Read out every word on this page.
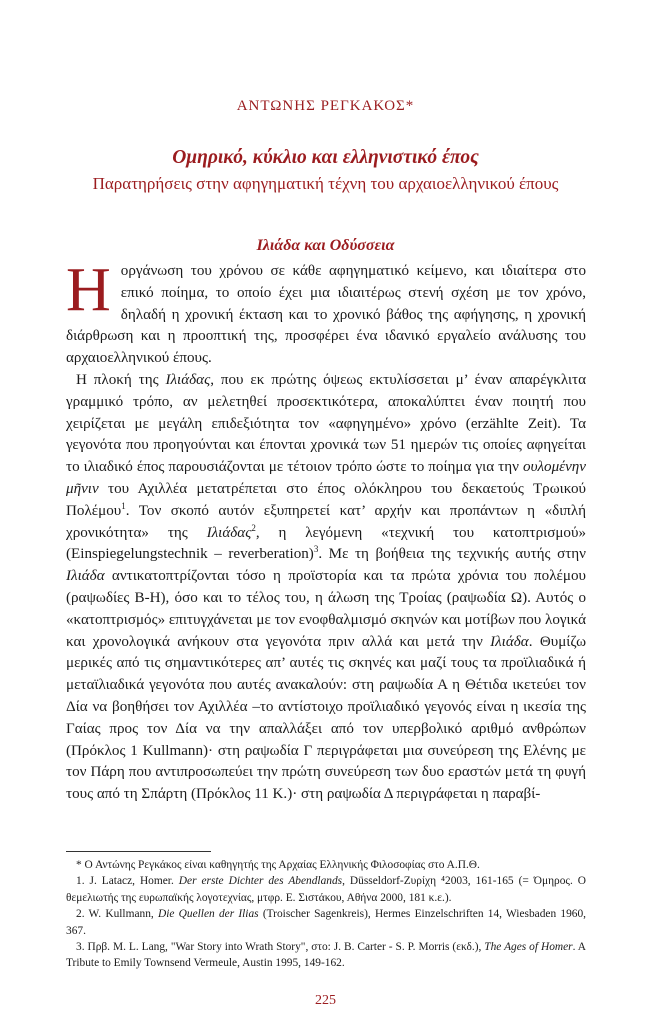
ΑΝΤΩΝΗΣ ΡΕΓΚΑΚΟΣ*
Ομηρικό, κύκλιο και ελληνιστικό έπος
Παρατηρήσεις στην αφηγηματική τέχνη του αρχαιοελληνικού έπους
Ιλιάδα και Οδύσσεια

Ηοργάνωση του χρόνου σε κάθε αφηγηματικό κείμενο, και ιδιαίτερα στο επικό ποίημα, το οποίο έχει μια ιδιαιτέρως στενή σχέση με τον χρόνο, δηλαδή η χρονική έκταση και το χρονικό βάθος της αφήγησης, η χρονική διάρθρωση και η προοπτική της, προσφέρει ένα ιδανικό εργαλείο ανάλυσης του αρχαιοελληνικού έπους.

Η πλοκή της Ιλιάδας, που εκ πρώτης όψεως εκτυλίσσεται μ’ έναν απαρέγκλιτα γραμμικό τρόπο, αν μελετηθεί προσεκτικότερα, αποκαλύπτει έναν ποιητή που χειρίζεται με μεγάλη επιδεξιότητα τον «αφηγημένο» χρόνο (erzählte Zeit). Τα γεγονότα που προηγούνται και έπονται χρονικά των 51 ημερών τις οποίες αφηγείται το ιλιαδικό έπος παρουσιάζονται με τέτοιον τρόπο ώστε το ποίημα για την ουλομένην μῆνιν του Αχιλλέα μετατρέπεται στο έπος ολόκληρου του δεκαετούς Τρωικού Πολέμου$^1$. Τον σκοπό αυτόν εξυπηρετεί κατ’ αρχήν και προπάντων η «διπλή χρονικότητα» της Ιλιάδας$^2$, η λεγόμενη «τεχνική του κατοπτρισμού» (Einspiegelungstechnik – reverberation)$^3$. Με τη βοήθεια της τεχνικής αυτής στην Ιλιάδα αντικατοπτρίζονται τόσο η προϊστορία και τα πρώτα χρόνια του πολέμου (ραψωδίες Β-Η), όσο και το τέλος του, η άλωση της Τροίας (ραψωδία Ω). Αυτός ο «κατοπτρισμός» επιτυγχάνεται με τον ενοφθαλμισμό σκηνών και μοτίβων που λογικά και χρονολογικά ανήκουν στα γεγονότα πριν αλλά και μετά την Ιλιάδα. Θυμίζω μερικές από τις σημαντικότερες απ’ αυτές τις σκηνές και μαζί τους τα προϊλιαδικά ή μεταϊλιαδικά γεγονότα που αυτές ανακαλούν: στη ραψωδία Α η Θέτιδα ικετεύει τον Δία να βοηθήσει τον Αχιλλέα –το αντίστοιχο προϊλιαδικό γεγονός είναι η ικεσία της Γαίας προς τον Δία να την απαλλάξει από τον υπερβολικό αριθμό ανθρώπων (Πρόκλος 1 Kullmann)· στη ραψωδία Γ περιγράφεται μια συνεύρεση της Ελένης με τον Πάρη που αντιπροσωπεύει την πρώτη συνεύρεση των δυο εραστών μετά τη φυγή τους από τη Σπάρτη (Πρόκλος 11 Κ.)· στη ραψωδία Δ περιγράφεται η παραβί-

* Ο Αντώνης Ρεγκάκος είναι καθηγητής της Αρχαίας Ελληνικής Φιλοσοφίας στο Α.Π.Θ.

1. J. Latacz, Homer. Der erste Dichter des Abendlands, Düsseldorf-Ζυρίχη ⁴2003, 161-165 (= Όμηρος. Ο θεμελιωτής της ευρωπαϊκής λογοτεχνίας, μτφρ. Ε. Σιστάκου, Αθήνα 2000, 181 κ.ε.).

2. W. Kullmann, Die Quellen der Ilias (Troischer Sagenkreis), Hermes Einzelschriften 14, Wiesbaden 1960, 367.

3. Πρβ. M. L. Lang, "War Story into Wrath Story", στο: J. B. Carter - S. P. Morris (εκδ.), The Ages of Homer. A Tribute to Emily Townsend Vermeule, Austin 1995, 149-162.

225
